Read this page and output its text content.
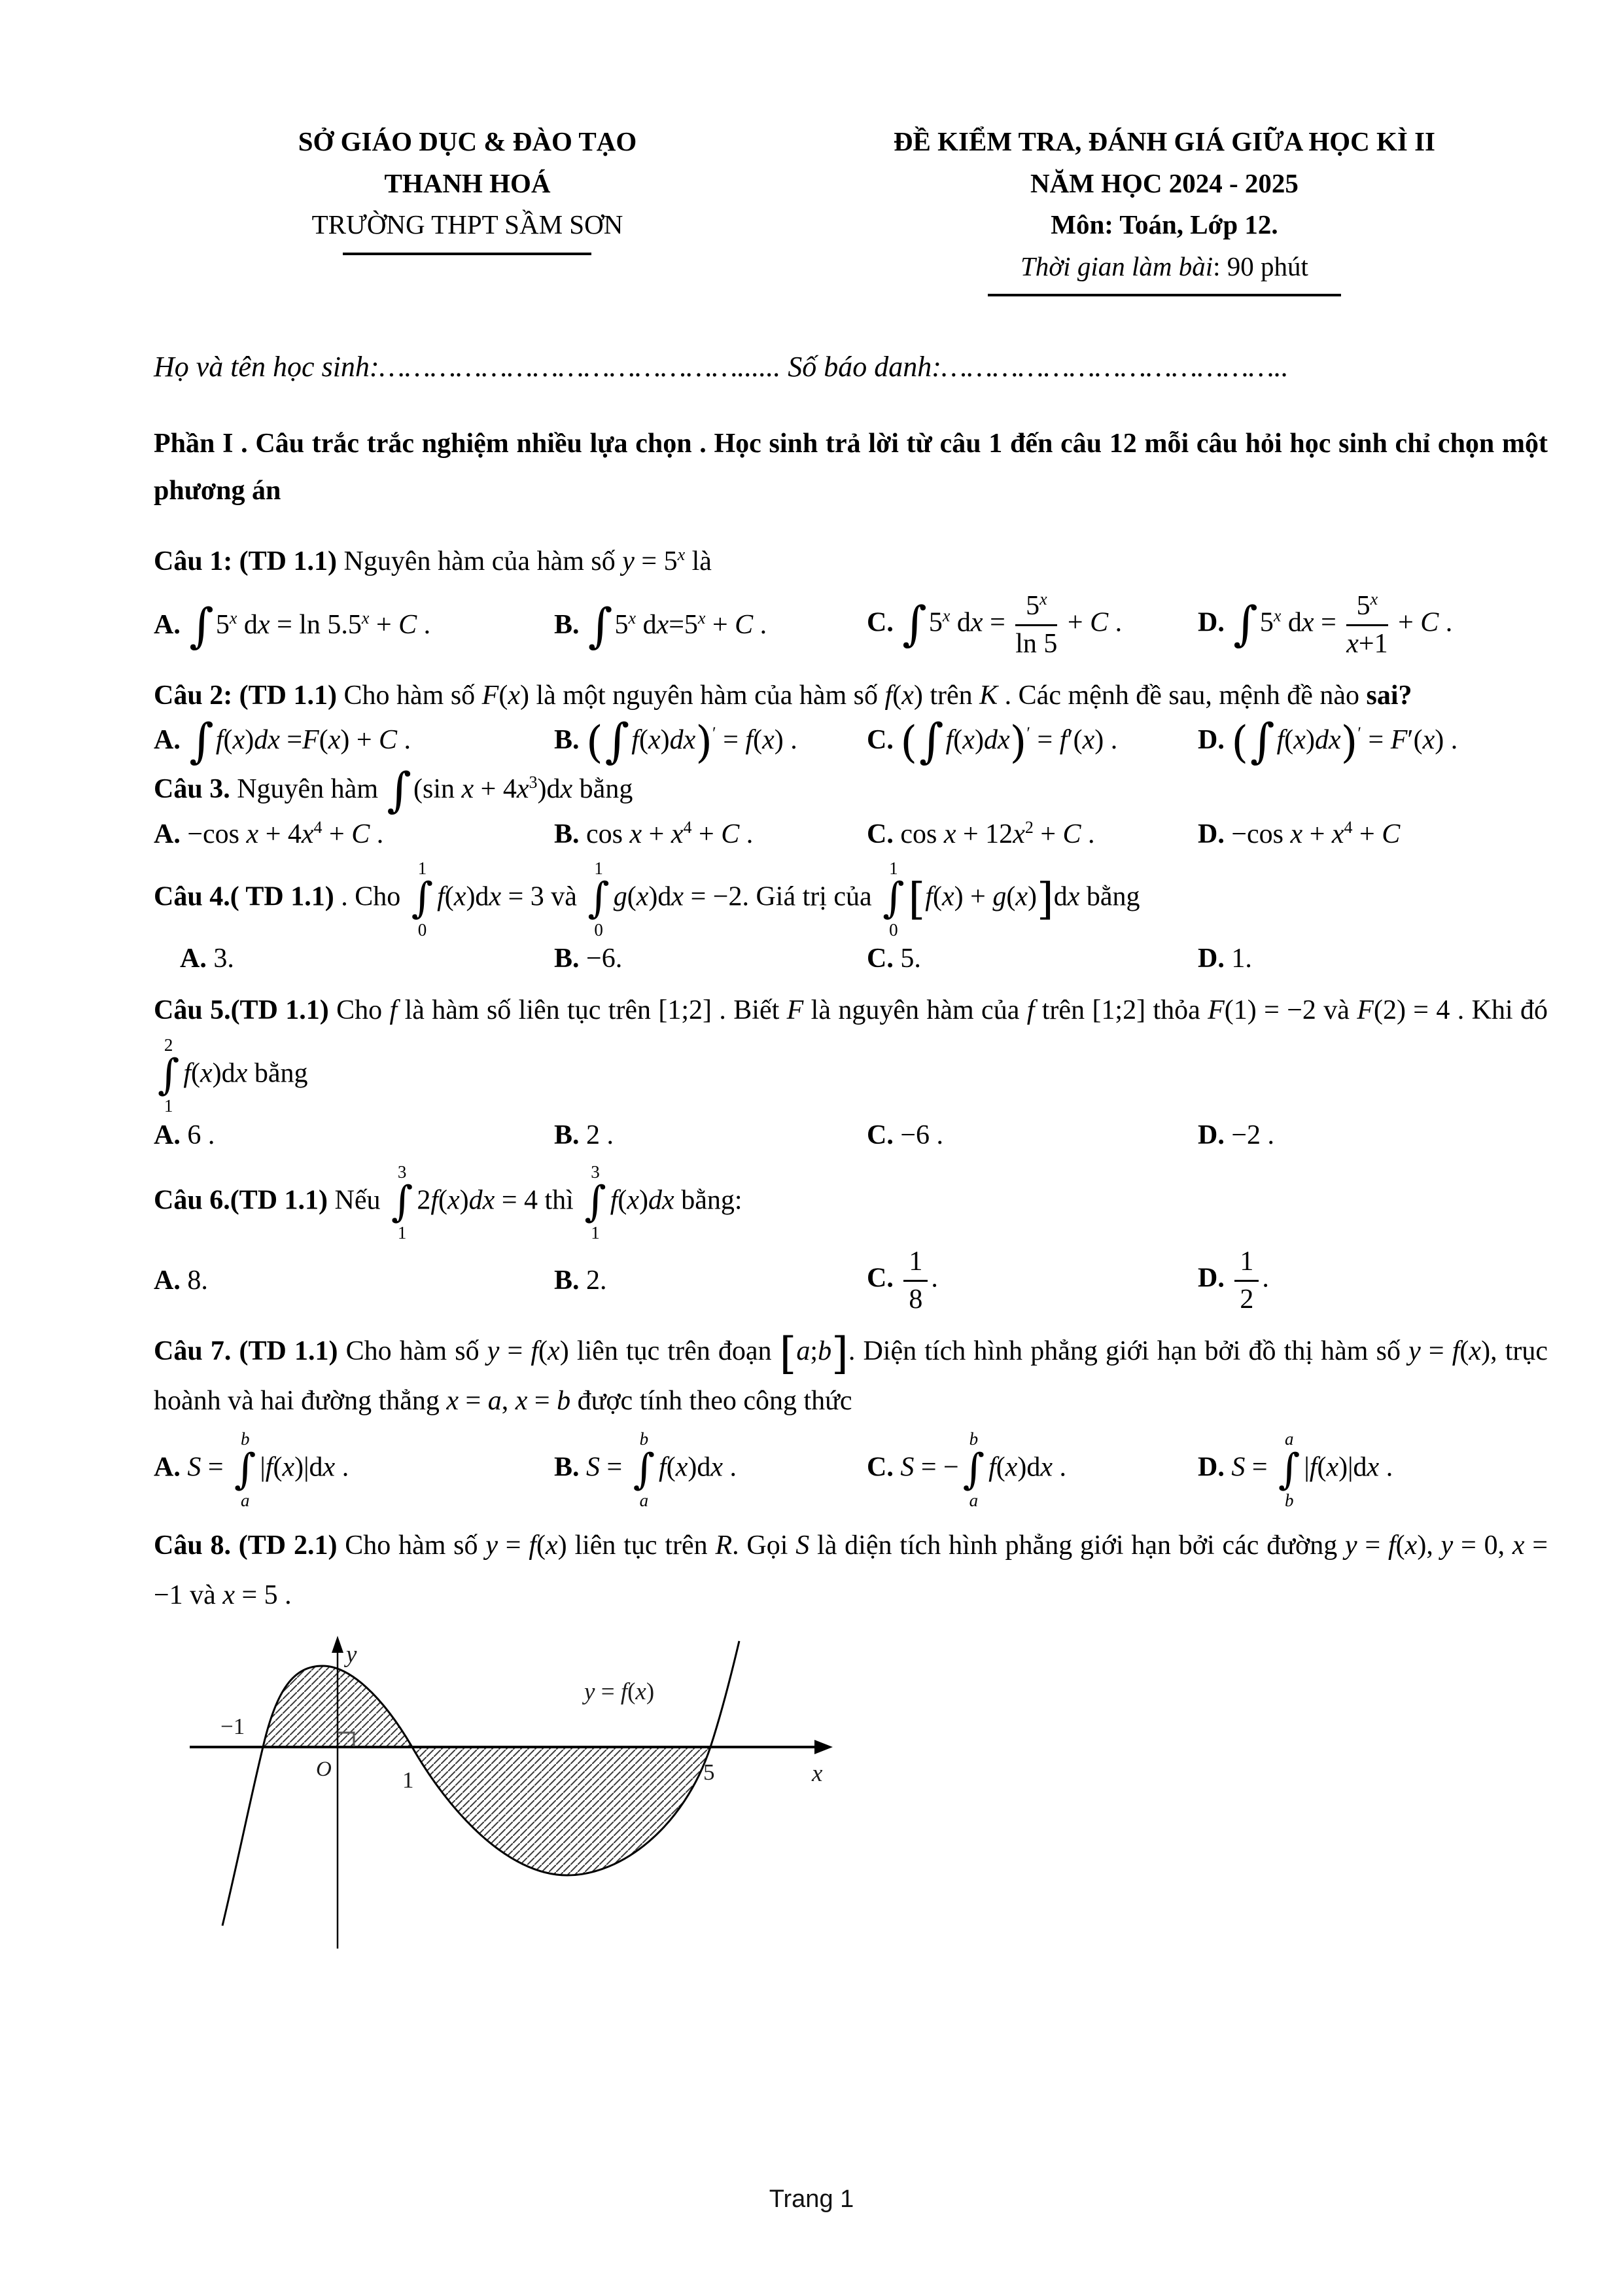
SỞ GIÁO DỤC & ĐÀO TẠO
THANH HOÁ
TRƯỜNG THPT SẦM SƠN
ĐỀ KIỂM TRA, ĐÁNH GIÁ GIỮA HỌC KÌ II
NĂM HỌC 2024 - 2025
Môn: Toán, Lớp 12.
Thời gian làm bài: 90 phút
Họ và tên học sinh:……………………………………...... Số báo danh:…………………………………..
Phần I . Câu trắc trắc nghiệm nhiều lựa chọn . Học sinh trả lời từ câu 1 đến câu 12 mỗi câu hỏi học sinh chỉ chọn một phương án
Câu 1: (TD 1.1) Nguyên hàm của hàm số $y = 5^x$ là
A. ∫5$^x$ dx = $\ln 5.5^x + C$ .	B. ∫5$^x$ $dx=5^x + C$ .	C. ∫5$^x$ dx = $\frac{5^x}{\ln 5} + C$ .	D. ∫5$^x$ dx = $\frac{5^x}{x+1} + C$ .
Câu 2: (TD 1.1) Cho hàm số F(x) là một nguyên hàm của hàm số f(x) trên K . Các mệnh đề sau, mệnh đề nào sai?
A. ∫f(x)dx =F(x) + C .	B. (∫f(x)dx)′ = f(x) .	C. (∫f(x)dx)′ = f′(x) .	D. (∫f(x)dx)′ = F′(x) .
Câu 3. Nguyên hàm ∫(sin $x + 4x^3)dx$ bằng
A. −cos $x + 4x^4 + C$ .	B. $\cos x + x^4 + C$ .	C. $\cos x + 12x^2 + C$ .	D. −cos $x + x^4 + C$
Câu 4.( TD 1.1) . Cho
1
∫
0
f(x)dx = 3 và
1
∫
0
g(x)dx = −2. Giá trị của
1
∫
0
[f(x) + g(x)]dx bằng
A. 3.	B. −6.	C. 5.	D. 1.
Câu 5.(TD 1.1) Cho f là hàm số liên tục trên [1;2] . Biết F là nguyên hàm của f trên [1;2] thỏa F(1) = −2 và F(2) = 4 . Khi đó
2
∫
1
f(x)dx bằng
A. 6 .	B. 2 .	C. −6 .	D. −2 .
Câu 6.(TD 1.1) Nếu
3
∫
1
2f(x)dx = 4 thì
3
∫
1
f(x)dx bằng:
A. 8.	B. 2.	C. $\frac{1}{8}$ .	D. $\frac{1}{2}$ .
Câu 7. (TD 1.1) Cho hàm số y = f(x) liên tục trên đoạn [a;b]. Diện tích hình phẳng giới hạn bởi đồ thị hàm số y = f(x), trục hoành và hai đường thẳng x = a, x = b được tính theo công thức
A. S =
b
∫
a
|f(x)|dx .	B. S =
b
∫
a
f(x)dx .	C. S = −
b
∫
a
f(x)dx .	D. S =
a
∫
b
|f(x)|dx .
Câu 8. (TD 2.1) Cho hàm số y = f(x) liên tục trên R. Gọi S là diện tích hình phẳng giới hạn bởi các đường y = f(x), y = 0, x = −1 và x = 5 .
−1
y
O	1	5	x
y = f(x)
Trang 1
